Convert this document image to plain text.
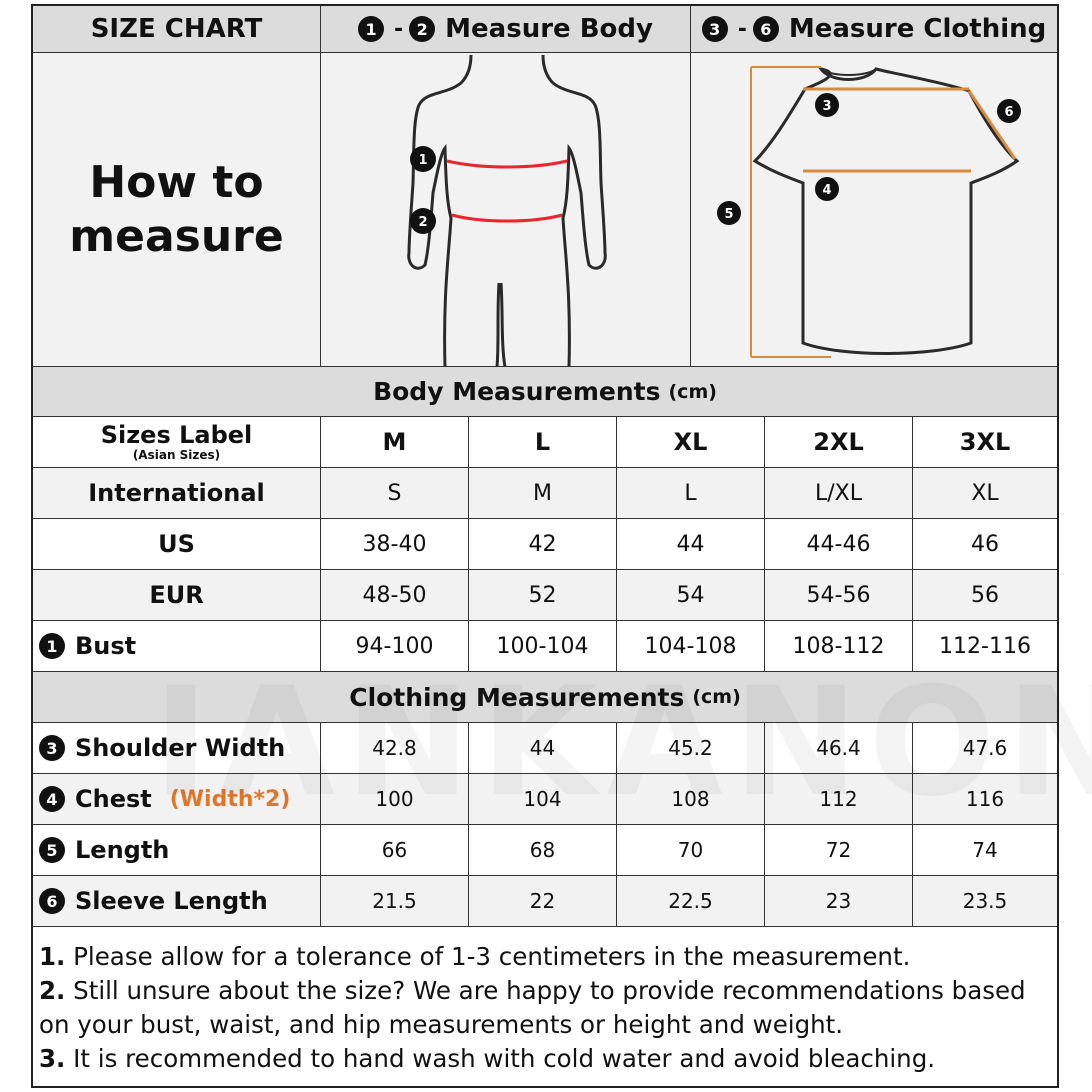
SIZE CHART	1 - 2 Measure Body	3 - 6 Measure Clothing
How to
measure
1
2
3	6
4
5
Body Measurements (cm)
Sizes Label
(Asian Sizes)	M	L	XL	2XL	3XL
International	S	M	L	L/XL	XL
US	38-40	42	44	44-46	46
EUR	48-50	52	54	54-56	56
1 Bust	94-100	100-104	104-108	108-112	112-116
Clothing Measurements (cm)
3 Shoulder Width	42.8	44	45.2	46.4	47.6
4 Chest (Width*2)	100	104	108	112	116
5 Length	66	68	70	72	74
6 Sleeve Length	21.5	22	22.5	23	23.5

1. Please allow for a tolerance of 1-3 centimeters in the measurement.

2. Still unsure about the size? We are happy to provide recommendations based on your bust, waist, and hip measurements or height and weight.

3. It is recommended to hand wash with cold water and avoid bleaching.
